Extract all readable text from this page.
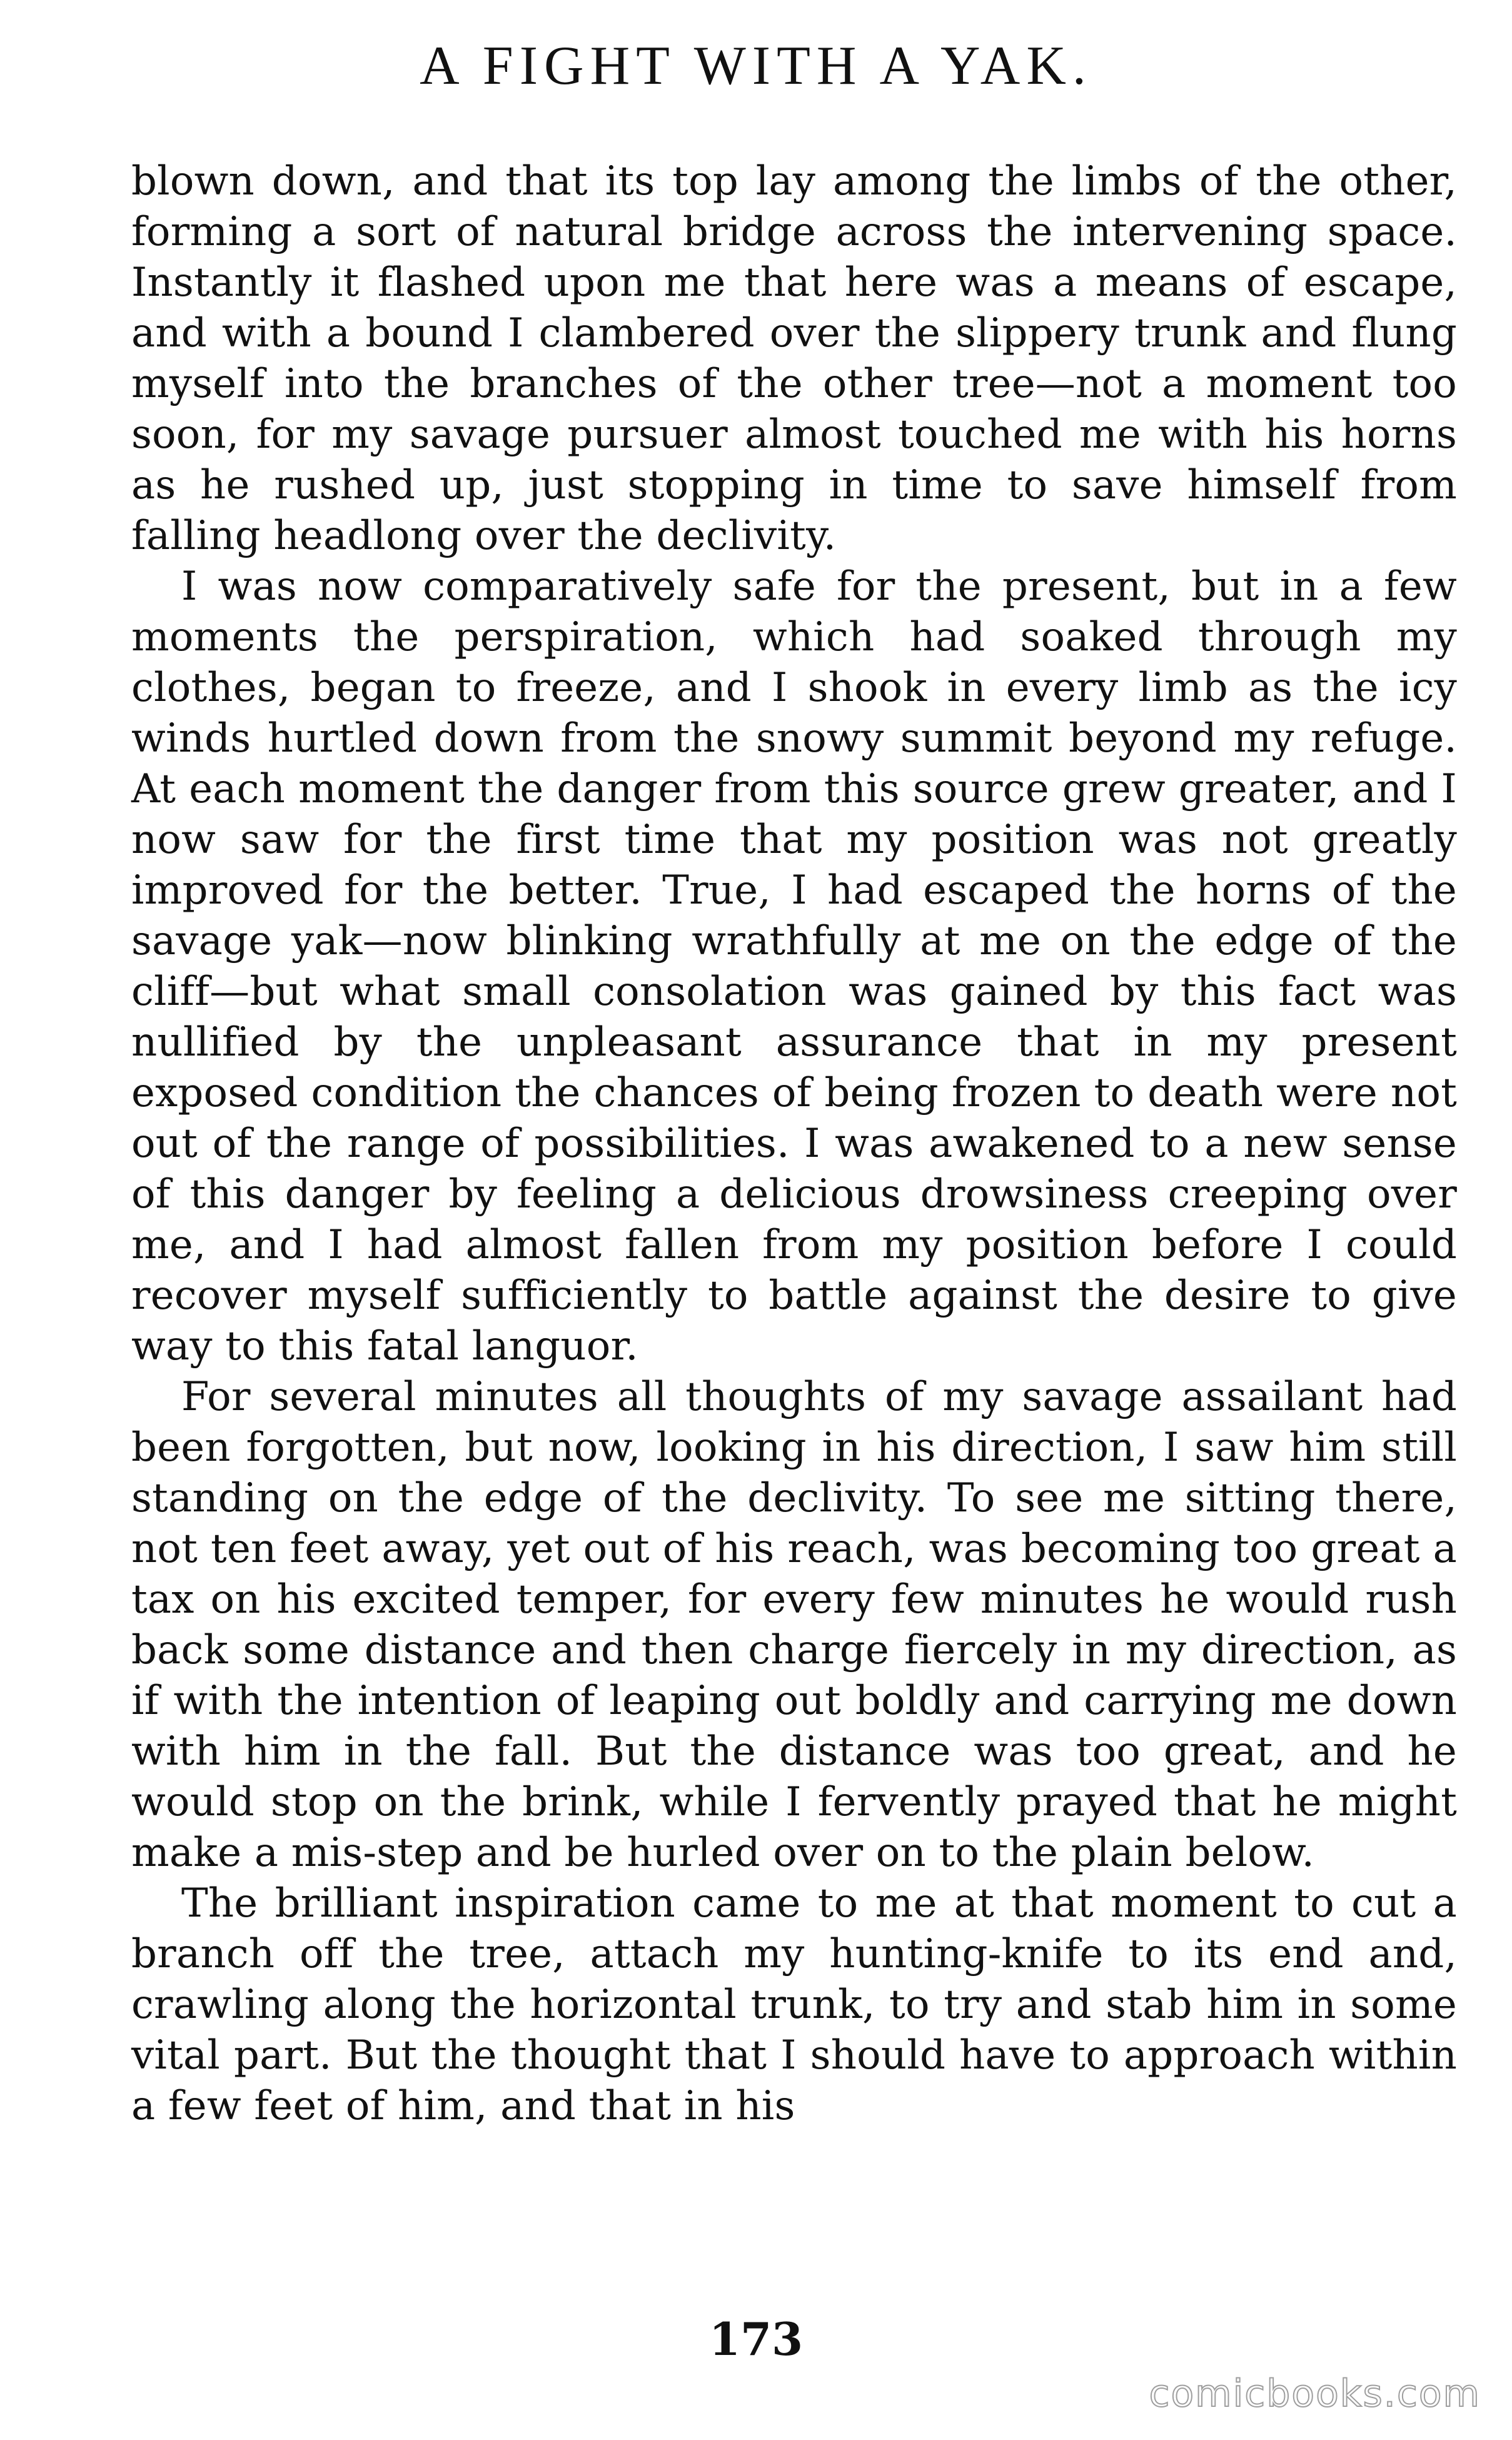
A FIGHT WITH A YAK.

blown down, and that its top lay among the limbs of the other, forming a sort of natural bridge across the intervening space. Instantly it flashed upon me that here was a means of escape, and with a bound I clambered over the slippery trunk and flung myself into the branches of the other tree—not a moment too soon, for my savage pursuer almost touched me with his horns as he rushed up, just stopping in time to save himself from falling headlong over the declivity.

I was now comparatively safe for the present, but in a few moments the perspiration, which had soaked through my clothes, began to freeze, and I shook in every limb as the icy winds hurtled down from the snowy summit beyond my refuge. At each moment the danger from this source grew greater, and I now saw for the first time that my position was not greatly improved for the better. True, I had escaped the horns of the savage yak—now blinking wrathfully at me on the edge of the cliff—but what small consolation was gained by this fact was nullified by the unpleasant assurance that in my present exposed condition the chances of being frozen to death were not out of the range of possibilities. I was awakened to a new sense of this danger by feeling a delicious drowsiness creeping over me, and I had almost fallen from my position before I could recover myself sufficiently to battle against the desire to give way to this fatal languor.

For several minutes all thoughts of my savage assailant had been forgotten, but now, looking in his direction, I saw him still standing on the edge of the declivity. To see me sitting there, not ten feet away, yet out of his reach, was becoming too great a tax on his excited temper, for every few minutes he would rush back some distance and then charge fiercely in my direction, as if with the intention of leaping out boldly and carrying me down with him in the fall. But the distance was too great, and he would stop on the brink, while I fervently prayed that he might make a mis-step and be hurled over on to the plain below.

The brilliant inspiration came to me at that moment to cut a branch off the tree, attach my hunting-knife to its end and, crawling along the horizontal trunk, to try and stab him in some vital part. But the thought that I should have to approach within a few feet of him, and that in his

173
comicbooks.com
